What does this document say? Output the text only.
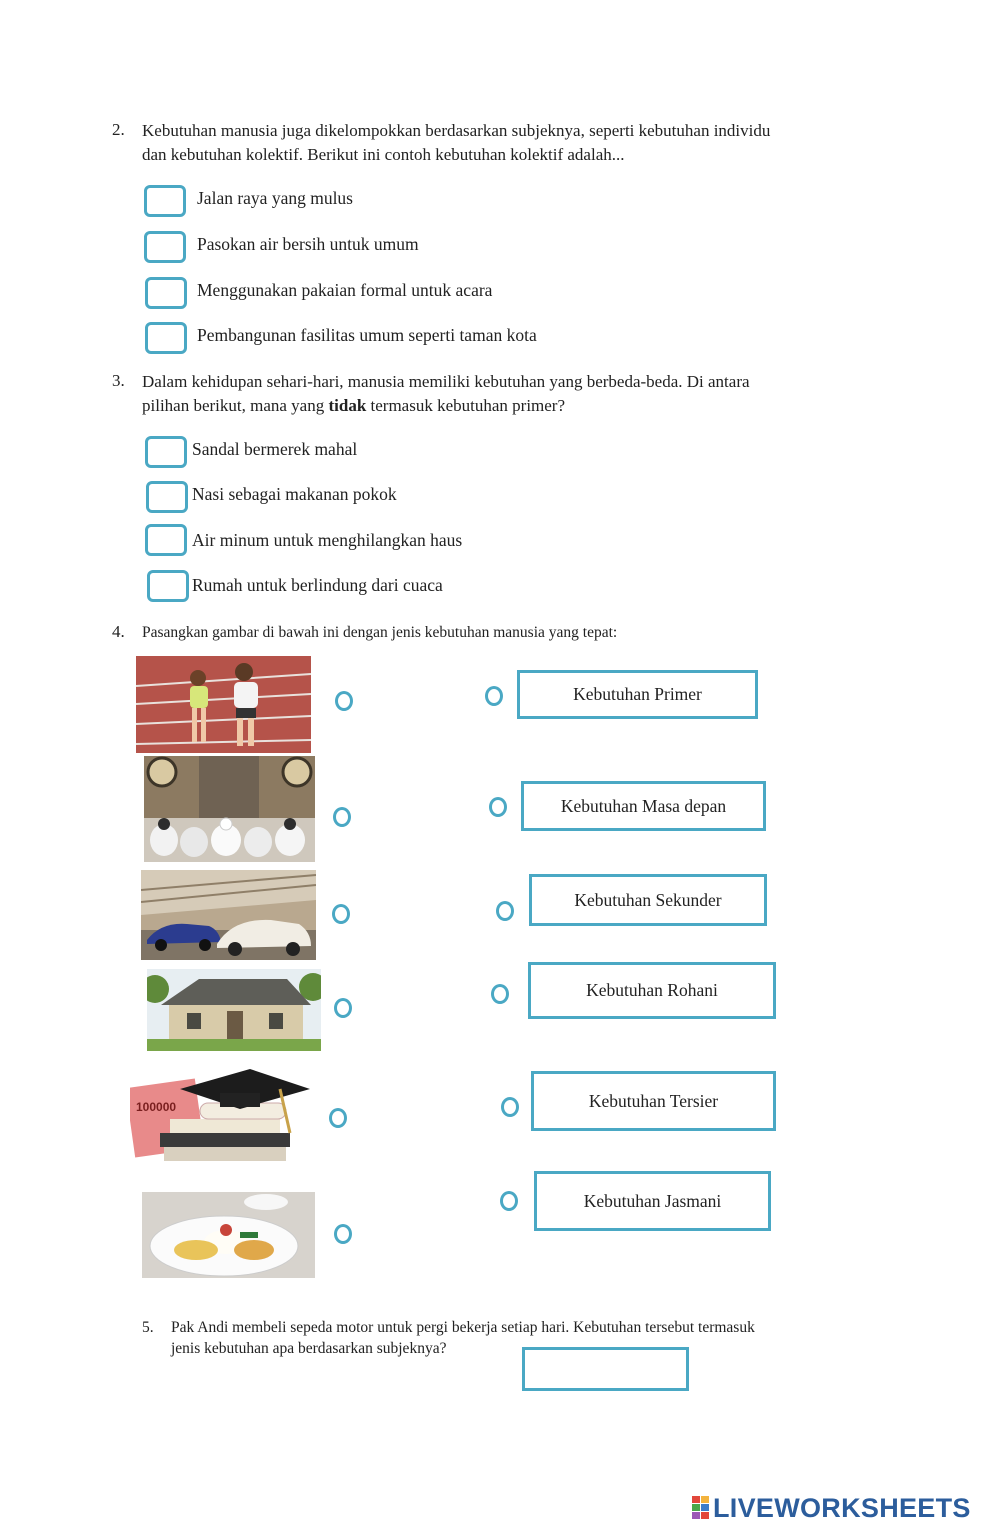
2. Kebutuhan manusia juga dikelompokkan berdasarkan subjeknya, seperti kebutuhan individu
dan kebutuhan kolektif. Berikut ini contoh kebutuhan kolektif adalah...
Jalan raya yang mulus
Pasokan air bersih untuk umum
Menggunakan pakaian formal untuk acara
Pembangunan fasilitas umum seperti taman kota
3. Dalam kehidupan sehari-hari, manusia memiliki kebutuhan yang berbeda-beda. Di antara
pilihan berikut, mana yang tidak termasuk kebutuhan primer?
Sandal bermerek mahal
Nasi sebagai makanan pokok
Air minum untuk menghilangkan haus
Rumah untuk berlindung dari cuaca
4. Pasangkan gambar di bawah ini dengan jenis kebutuhan manusia yang tepat:
100000
Kebutuhan Primer
Kebutuhan Masa depan
Kebutuhan Sekunder
Kebutuhan Rohani
Kebutuhan Tersier
Kebutuhan Jasmani
5. Pak Andi membeli sepeda motor untuk pergi bekerja setiap hari. Kebutuhan tersebut termasuk
jenis kebutuhan apa berdasarkan subjeknya?
LIVEWORKSHEETS
